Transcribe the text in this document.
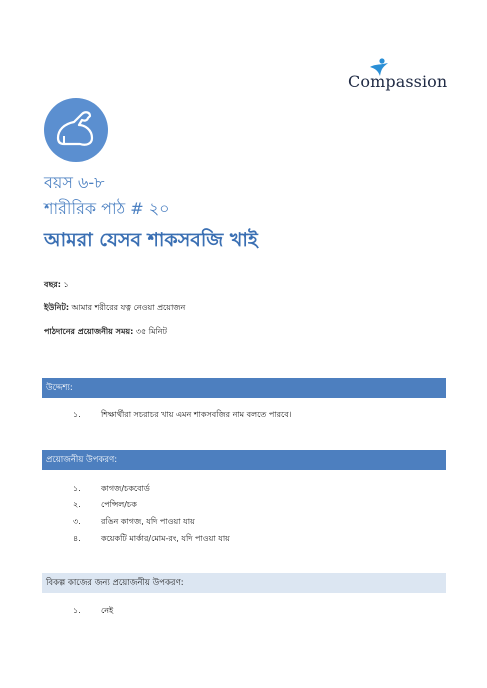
Compassion
বয়স ৬-৮
শারীরিক পাঠ # ২০
আমরা যেসব শাকসবজি খাই
বছর: ১
ইউনিট: আমার শরীরের যত্ন নেওয়া প্রয়োজন
পাঠদানের প্রয়োজনীয় সময়: ৩৫ মিনিট
উদ্দেশ্য:
১.	শিক্ষার্থীরা সচরাচর খায় এমন শাকসবজির নাম বলতে পারবে।
প্রয়োজনীয় উপকরণ:
১.	কাগজ/চকবোর্ড
২.	পেন্সিল/চক
৩.	রঙিন কাগজ, যদি পাওয়া যায়
৪.	কয়েকটি মার্কার/মোম-রং, যদি পাওয়া যায়
বিকল্প কাজের জন্য প্রয়োজনীয় উপকরণ:
১.	নেই
